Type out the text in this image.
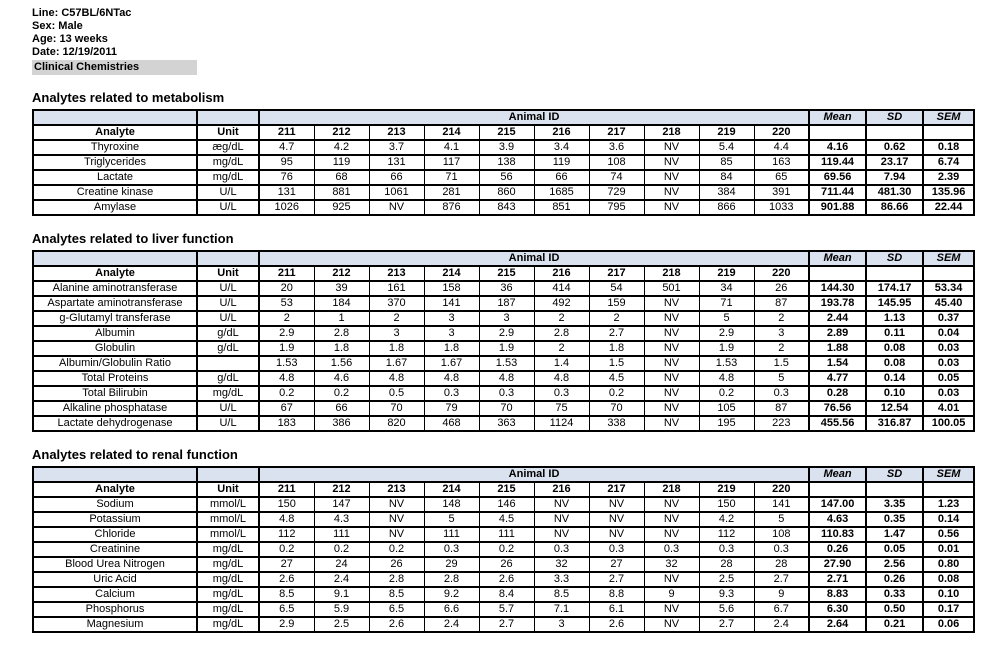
Line: C57BL/6NTac
Sex: Male
Age: 13 weeks
Date: 12/19/2011
Clinical Chemistries
Analytes related to metabolism
		Animal ID										Mean	SD	SEM
Analyte	Unit	211	212	213	214	215	216	217	218	219	220			
Thyroxine	æg/dL	4.7	4.2	3.7	4.1	3.9	3.4	3.6	NV	5.4	4.4	4.16	0.62	0.18
Triglycerides	mg/dL	95	119	131	117	138	119	108	NV	85	163	119.44	23.17	6.74
Lactate	mg/dL	76	68	66	71	56	66	74	NV	84	65	69.56	7.94	2.39
Creatine kinase	U/L	131	881	1061	281	860	1685	729	NV	384	391	711.44	481.30	135.96
Amylase	U/L	1026	925	NV	876	843	851	795	NV	866	1033	901.88	86.66	22.44
Analytes related to liver function
		Animal ID										Mean	SD	SEM
Analyte	Unit	211	212	213	214	215	216	217	218	219	220			
Alanine aminotransferase	U/L	20	39	161	158	36	414	54	501	34	26	144.30	174.17	53.34
Aspartate aminotransferase	U/L	53	184	370	141	187	492	159	NV	71	87	193.78	145.95	45.40
g-Glutamyl transferase	U/L	2	1	2	3	3	2	2	NV	5	2	2.44	1.13	0.37
Albumin	g/dL	2.9	2.8	3	3	2.9	2.8	2.7	NV	2.9	3	2.89	0.11	0.04
Globulin	g/dL	1.9	1.8	1.8	1.8	1.9	2	1.8	NV	1.9	2	1.88	0.08	0.03
Albumin/Globulin Ratio		1.53	1.56	1.67	1.67	1.53	1.4	1.5	NV	1.53	1.5	1.54	0.08	0.03
Total Proteins	g/dL	4.8	4.6	4.8	4.8	4.8	4.8	4.5	NV	4.8	5	4.77	0.14	0.05
Total Bilirubin	mg/dL	0.2	0.2	0.5	0.3	0.3	0.3	0.2	NV	0.2	0.3	0.28	0.10	0.03
Alkaline phosphatase	U/L	67	66	70	79	70	75	70	NV	105	87	76.56	12.54	4.01
Lactate dehydrogenase	U/L	183	386	820	468	363	1124	338	NV	195	223	455.56	316.87	100.05
Analytes related to renal function
		Animal ID										Mean	SD	SEM
Analyte	Unit	211	212	213	214	215	216	217	218	219	220			
Sodium	mmol/L	150	147	NV	148	146	NV	NV	NV	150	141	147.00	3.35	1.23
Potassium	mmol/L	4.8	4.3	NV	5	4.5	NV	NV	NV	4.2	5	4.63	0.35	0.14
Chloride	mmol/L	112	111	NV	111	111	NV	NV	NV	112	108	110.83	1.47	0.56
Creatinine	mg/dL	0.2	0.2	0.2	0.3	0.2	0.3	0.3	0.3	0.3	0.3	0.26	0.05	0.01
Blood Urea Nitrogen	mg/dL	27	24	26	29	26	32	27	32	28	28	27.90	2.56	0.80
Uric Acid	mg/dL	2.6	2.4	2.8	2.8	2.6	3.3	2.7	NV	2.5	2.7	2.71	0.26	0.08
Calcium	mg/dL	8.5	9.1	8.5	9.2	8.4	8.5	8.8	9	9.3	9	8.83	0.33	0.10
Phosphorus	mg/dL	6.5	5.9	6.5	6.6	5.7	7.1	6.1	NV	5.6	6.7	6.30	0.50	0.17
Magnesium	mg/dL	2.9	2.5	2.6	2.4	2.7	3	2.6	NV	2.7	2.4	2.64	0.21	0.06
